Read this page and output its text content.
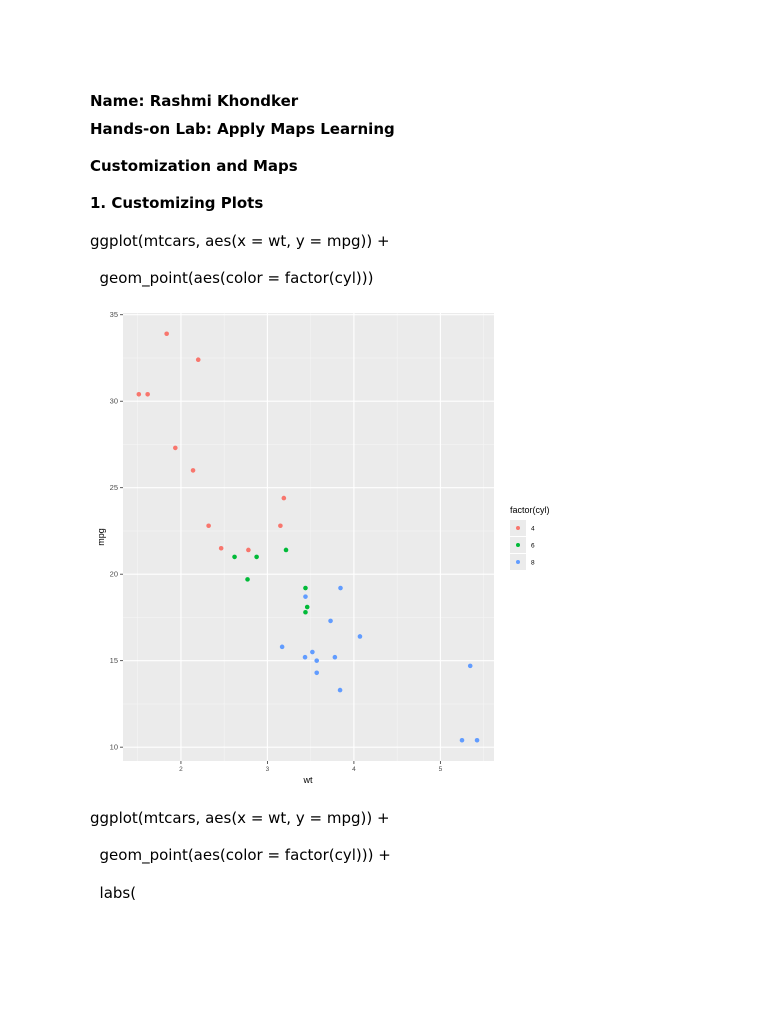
Name: Rashmi Khondker
Hands-on Lab: Apply Maps Learning
Customization and Maps
1. Customizing Plots
ggplot(mtcars, aes(x = wt, y = mpg)) +
geom_point(aes(color = factor(cyl)))
2	3	4	5
10
15
20
25
30
35
mpg
wt
factor(cyl)
4
6
8
ggplot(mtcars, aes(x = wt, y = mpg)) +
geom_point(aes(color = factor(cyl))) +
labs(
